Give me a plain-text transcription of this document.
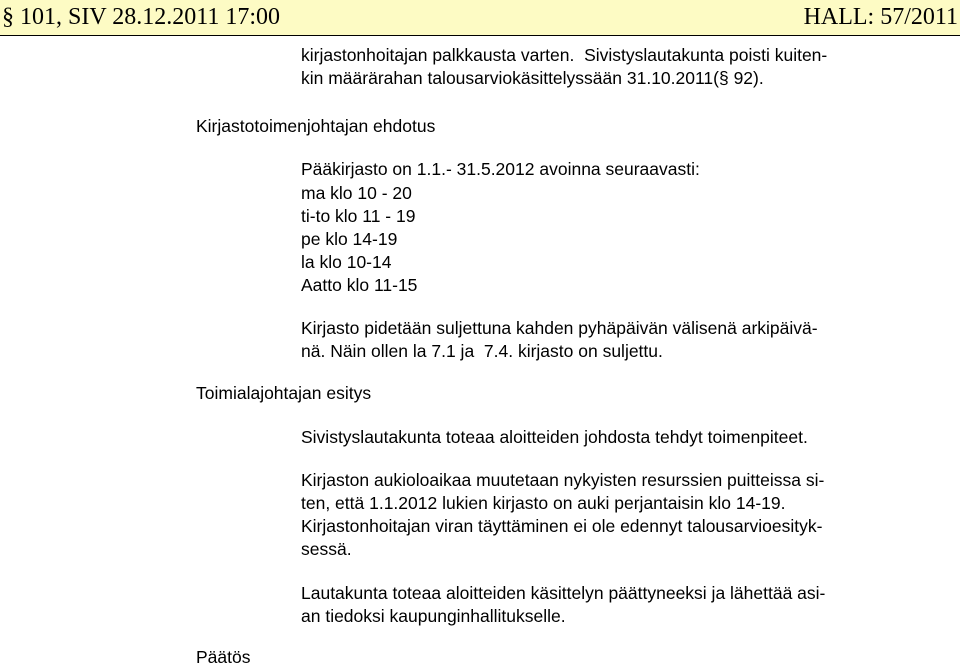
§ 101, SIV 28.12.2011 17:00	HALL: 57/2011
kirjastonhoitajan palkkausta varten.  Sivistyslautakunta poisti kuiten-
kin määrärahan talousarviokäsittelyssään 31.10.2011(§ 92).
Kirjastotoimenjohtajan ehdotus
Pääkirjasto on 1.1.- 31.5.2012 avoinna seuraavasti:
ma klo 10 - 20
ti-to klo 11 - 19
pe klo 14-19
la klo 10-14
Aatto klo 11-15
Kirjasto pidetään suljettuna kahden pyhäpäivän välisenä arkipäivä-
nä. Näin ollen la 7.1 ja  7.4. kirjasto on suljettu.
Toimialajohtajan esitys
Sivistyslautakunta toteaa aloitteiden johdosta tehdyt toimenpiteet.
Kirjaston aukioloaikaa muutetaan nykyisten resurssien puitteissa si-
ten, että 1.1.2012 lukien kirjasto on auki perjantaisin klo 14-19.
Kirjastonhoitajan viran täyttäminen ei ole edennyt talousarvioesityk-
sessä.
Lautakunta toteaa aloitteiden käsittelyn päättyneeksi ja lähettää asi-
an tiedoksi kaupunginhallitukselle.
Päätös
